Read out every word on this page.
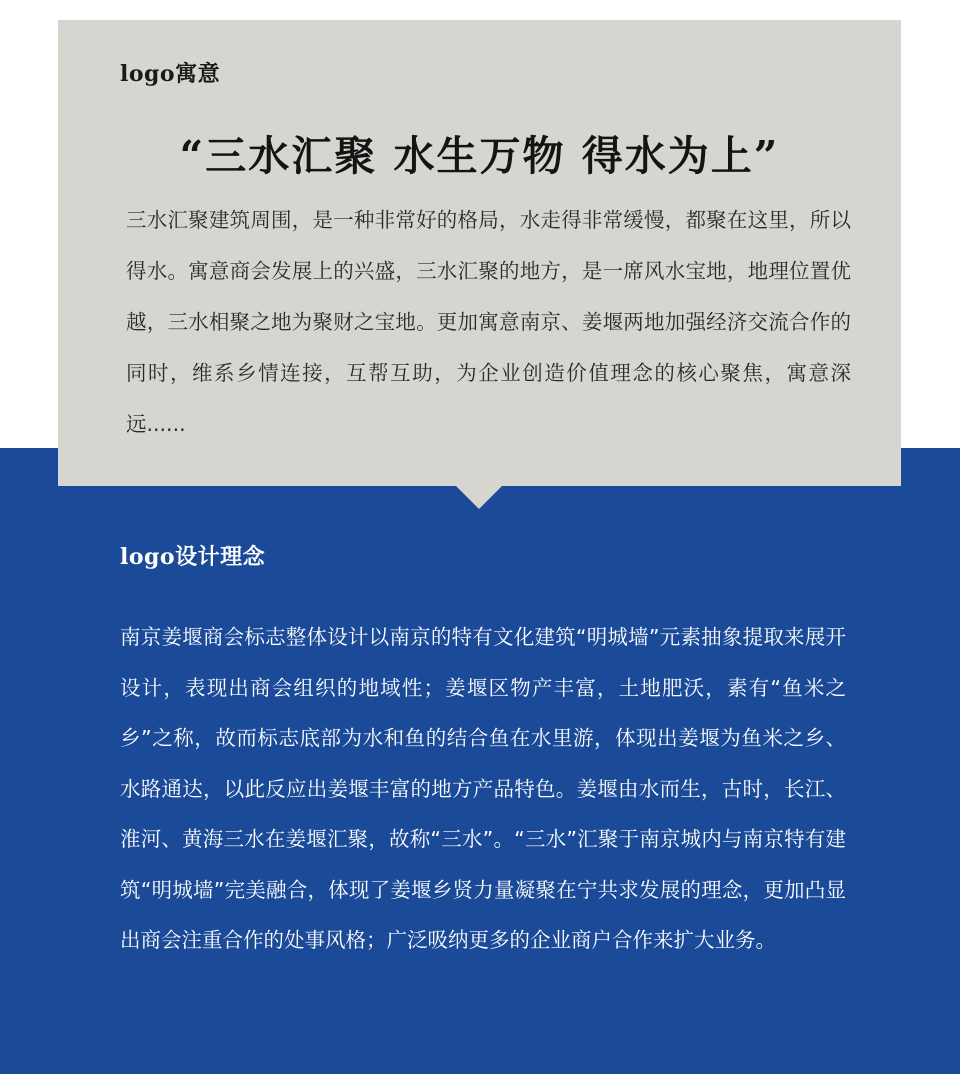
logo寓意
“三水汇聚 水生万物 得水为上”

三水汇聚建筑周围，是一种非常好的格局，水走得非常缓慢，都聚在这里，所以得水。寓意商会发展上的兴盛，三水汇聚的地方，是一席风水宝地，地理位置优越，三水相聚之地为聚财之宝地。更加寓意南京、姜堰两地加强经济交流合作的同时，维系乡情连接，互帮互助，为企业创造价值理念的核心聚焦，寓意深远......

logo设计理念

南京姜堰商会标志整体设计以南京的特有文化建筑“明城墙”元素抽象提取来展开设计，表现出商会组织的地域性；姜堰区物产丰富，土地肥沃，素有“鱼米之乡”之称，故而标志底部为水和鱼的结合鱼在水里游，体现出姜堰为鱼米之乡、水路通达，以此反应出姜堰丰富的地方产品特色。姜堰由水而生，古时，长江、淮河、黄海三水在姜堰汇聚，故称“三水”。“三水”汇聚于南京城内与南京特有建筑“明城墙”完美融合，体现了姜堰乡贤力量凝聚在宁共求发展的理念，更加凸显出商会注重合作的处事风格；广泛吸纳更多的企业商户合作来扩大业务。
